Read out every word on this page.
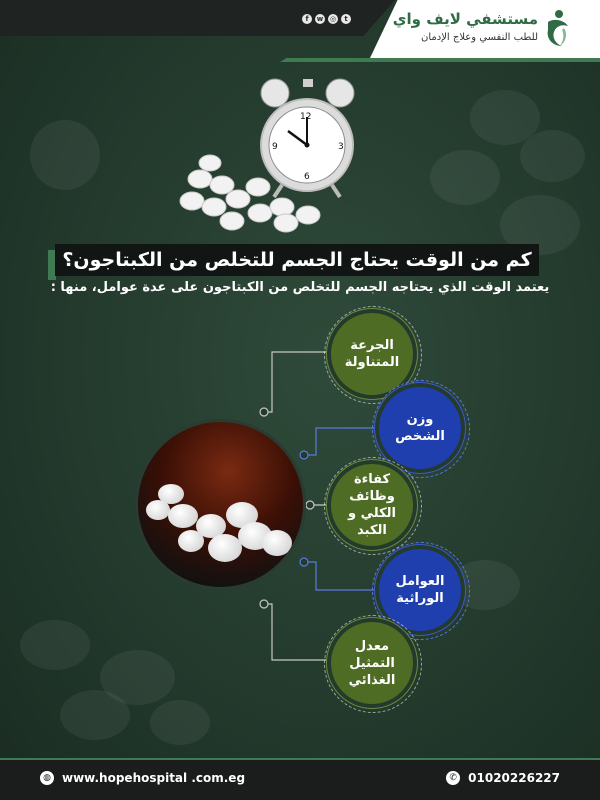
مستشفي لايف واي
للطب النفسي وعلاج الإدمان
f	w ◎	t
12
3
6
9
كم من الوقت يحتاج الجسم للتخلص من الكبتاجون؟
يعتمد الوقت الذي يحتاجه الجسم للتخلص من الكبتاجون على عدة عوامل، منها :
الجرعة المتناولة
وزن الشخص
كفاءة وظائف الكلي و الكبد
العوامل الوراثية
معدل التمثيل الغذائي
◍ www.hopehospital .com.eg	✆ 01020226227
